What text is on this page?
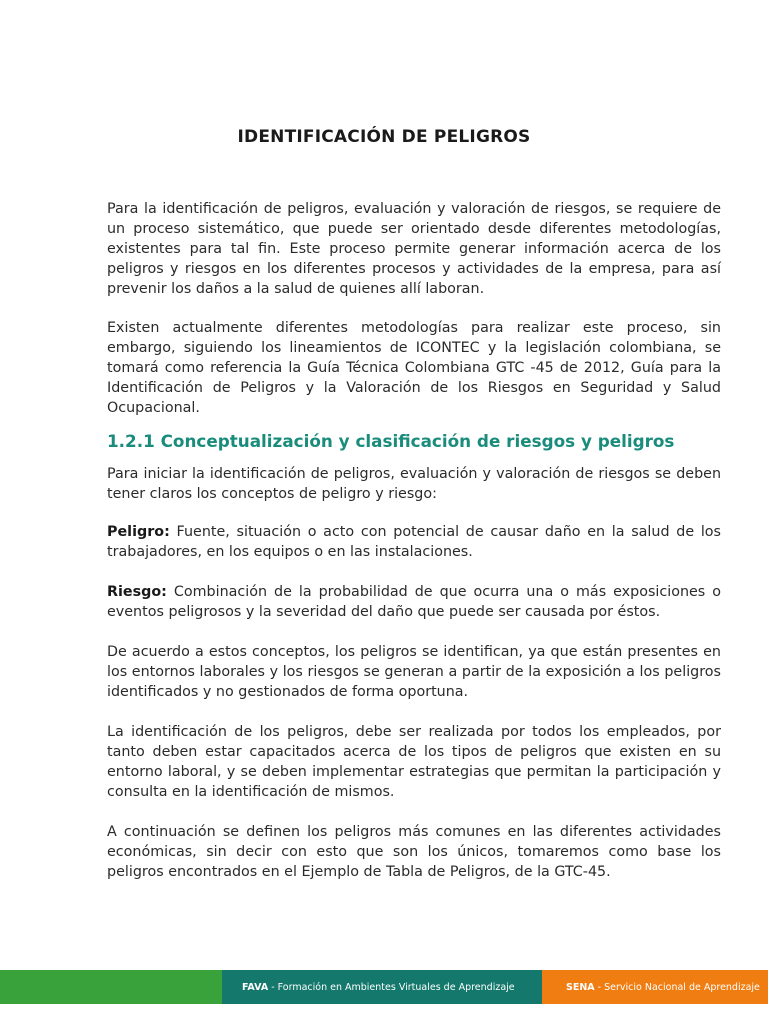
IDENTIFICACIÓN DE PELIGROS

Para la identificación de peligros, evaluación y valoración de riesgos, se requiere de un proceso sistemático, que puede ser orientado desde diferentes metodologías, existentes para tal fin. Este proceso permite generar información acerca de los peligros y riesgos en los diferentes procesos y actividades de la empresa, para así prevenir los daños a la salud de quienes allí laboran.

Existen actualmente diferentes metodologías para realizar este proceso, sin embargo, siguiendo los lineamientos de ICONTEC y la legislación colombiana, se tomará como referencia la Guía Técnica Colombiana GTC -45 de 2012, Guía para la Identificación de Peligros y la Valoración de los Riesgos en Seguridad y Salud Ocupacional.

1.2.1 Conceptualización y clasificación de riesgos y peligros

Para iniciar la identificación de peligros, evaluación y valoración de riesgos se deben tener claros los conceptos de peligro y riesgo:

Peligro: Fuente, situación o acto con potencial de causar daño en la salud de los trabajadores, en los equipos o en las instalaciones.

Riesgo: Combinación de la probabilidad de que ocurra una o más exposiciones o eventos peligrosos y la severidad del daño que puede ser causada por éstos.

De acuerdo a estos conceptos, los peligros se identifican, ya que están presentes en los entornos laborales y los riesgos se generan a partir de la exposición a los peligros identificados y no gestionados de forma oportuna.

La identificación de los peligros, debe ser realizada por todos los empleados, por tanto deben estar capacitados acerca de los tipos de peligros que existen en su entorno laboral, y se deben implementar estrategias que permitan la participación y consulta en la identificación de mismos.

A continuación se definen los peligros más comunes en las diferentes actividades económicas, sin decir con esto que son los únicos, tomaremos como base los peligros encontrados en el Ejemplo de Tabla de Peligros, de la GTC-45.

FAVA - Formación en Ambientes Virtuales de Aprendizaje	SENA - Servicio Nacional de Aprendizaje
